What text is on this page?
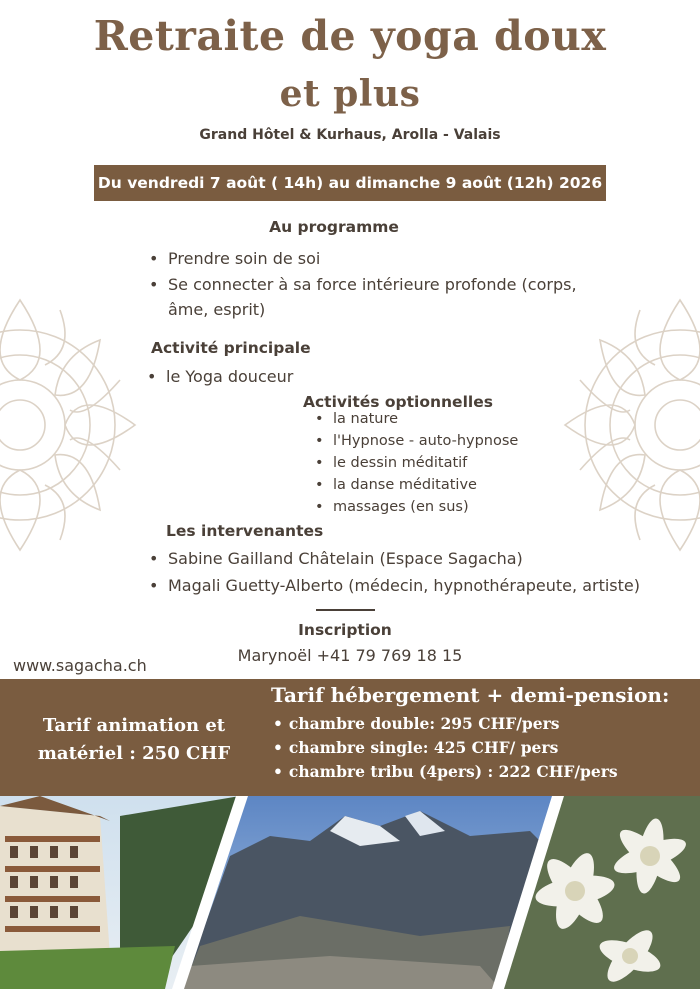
Retraite de yoga doux
et plus
Grand Hôtel & Kurhaus, Arolla - Valais
Du vendredi 7 août ( 14h) au dimanche 9 août (12h) 2026
Au programme
• Prendre soin de soi
• Se connecter à sa force intérieure profonde (corps,
âme, esprit)
Activité principale
• le Yoga douceur
Activités optionnelles
• la nature
• l'Hypnose - auto-hypnose
• le dessin méditatif
• la danse méditative
• massages (en sus)
Les intervenantes
• Sabine Gailland Châtelain (Espace Sagacha)
• Magali Guetty-Alberto (médecin, hypnothérapeute, artiste)
Inscription
Marynoël +41 79 769 18 15
www.sagacha.ch
Tarif animation et
matériel : 250 CHF
Tarif hébergement + demi-pension:
• chambre double: 295 CHF/pers
• chambre single: 425 CHF/ pers
• chambre tribu (4pers) : 222 CHF/pers
